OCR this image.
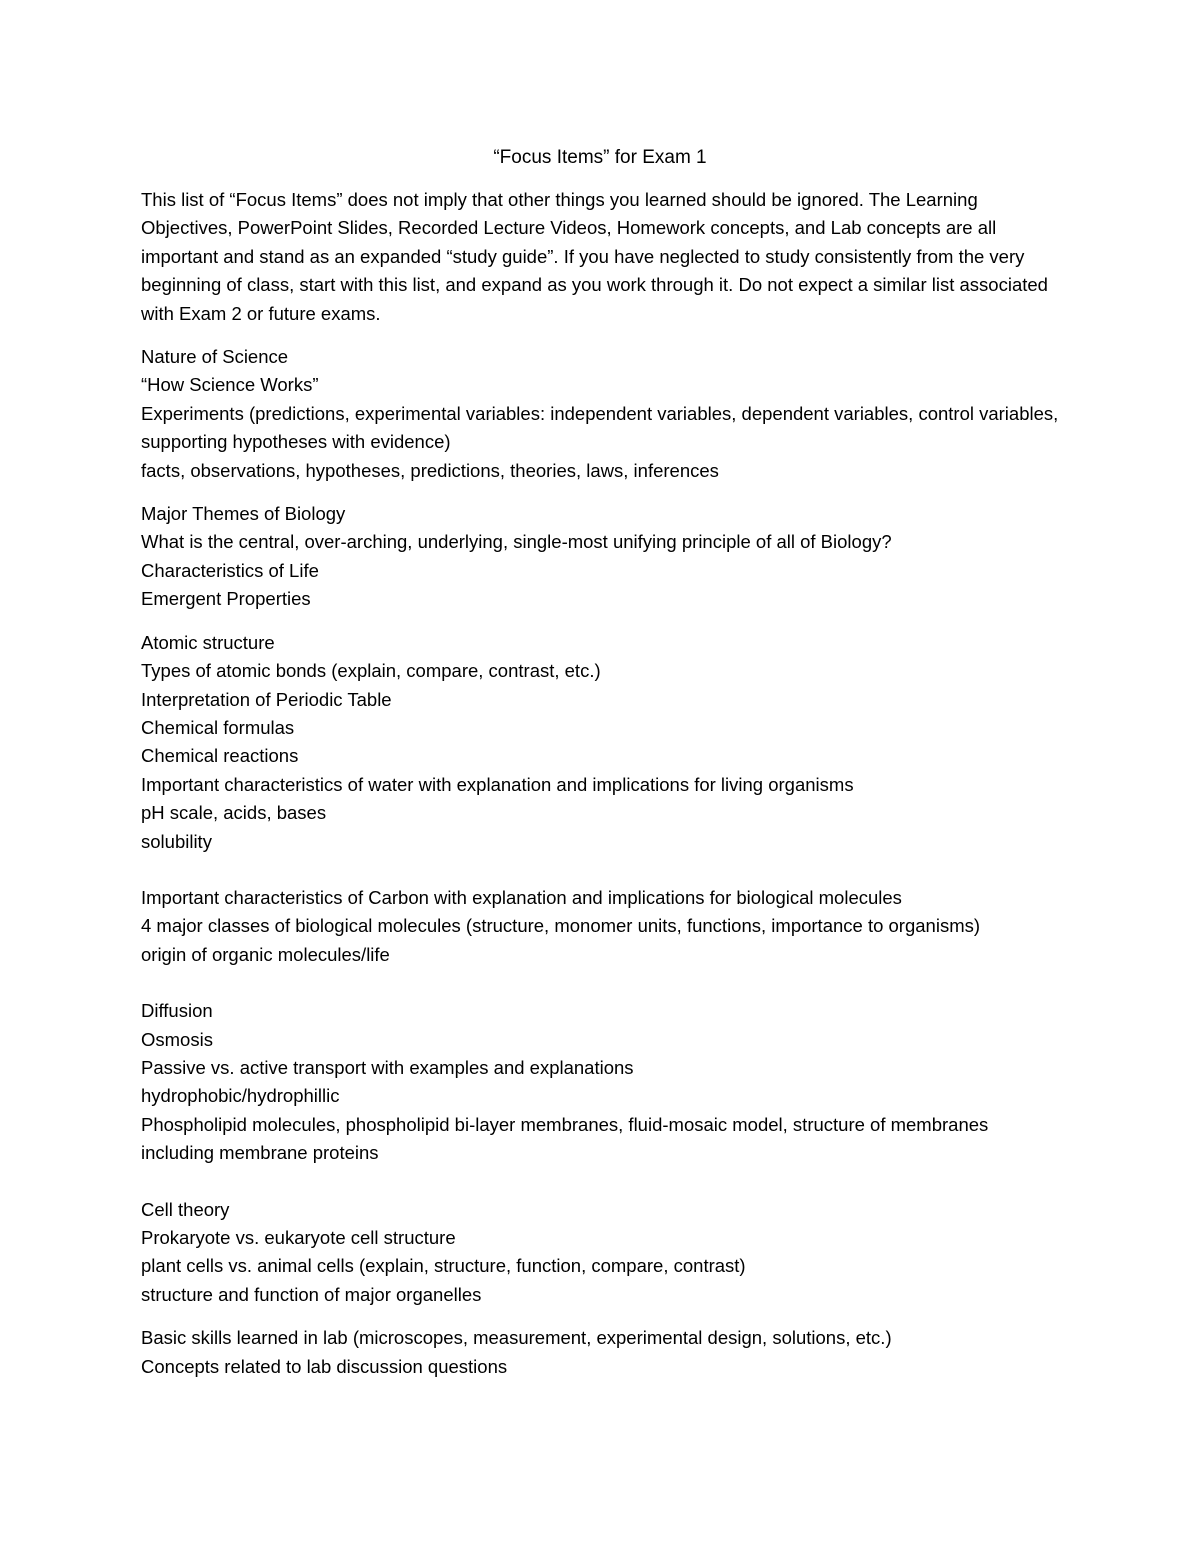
“Focus Items” for Exam 1

This list of “Focus Items” does not imply that other things you learned should be ignored. The Learning Objectives, PowerPoint Slides, Recorded Lecture Videos, Homework concepts, and Lab concepts are all important and stand as an expanded “study guide”. If you have neglected to study consistently from the very beginning of class, start with this list, and expand as you work through it. Do not expect a similar list associated with Exam 2 or future exams.

Nature of Science
“How Science Works”
Experiments (predictions, experimental variables: independent variables, dependent variables, control variables, supporting hypotheses with evidence)
facts, observations, hypotheses, predictions, theories, laws, inferences
Major Themes of Biology
What is the central, over-arching, underlying, single-most unifying principle of all of Biology?
Characteristics of Life
Emergent Properties
Atomic structure
Types of atomic bonds (explain, compare, contrast, etc.)
Interpretation of Periodic Table
Chemical formulas
Chemical reactions
Important characteristics of water with explanation and implications for living organisms
pH scale, acids, bases
solubility
Important characteristics of Carbon with explanation and implications for biological molecules
4 major classes of biological molecules (structure, monomer units, functions, importance to organisms)
origin of organic molecules/life
Diffusion
Osmosis
Passive vs. active transport with examples and explanations
hydrophobic/hydrophillic
Phospholipid molecules, phospholipid bi-layer membranes, fluid-mosaic model, structure of membranes including membrane proteins
Cell theory
Prokaryote vs. eukaryote cell structure
plant cells vs. animal cells (explain, structure, function, compare, contrast)
structure and function of major organelles
Basic skills learned in lab (microscopes, measurement, experimental design, solutions, etc.)
Concepts related to lab discussion questions
